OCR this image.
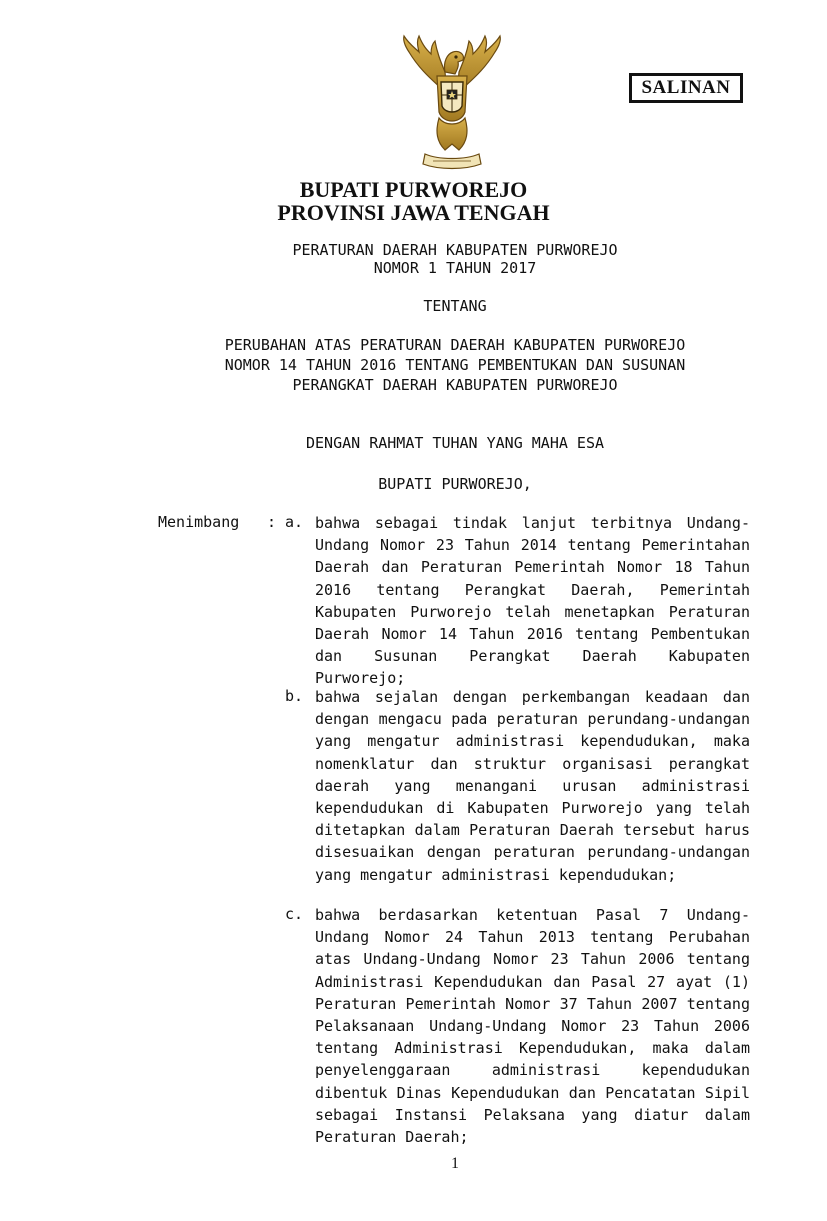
SALINAN
BUPATI PURWOREJO
PROVINSI JAWA TENGAH
PERATURAN DAERAH KABUPATEN PURWOREJO
NOMOR 1 TAHUN 2017
TENTANG
PERUBAHAN ATAS PERATURAN DAERAH KABUPATEN PURWOREJO
NOMOR 14 TAHUN 2016 TENTANG PEMBENTUKAN DAN SUSUNAN
PERANGKAT DAERAH KABUPATEN PURWOREJO
DENGAN RAHMAT TUHAN YANG MAHA ESA
BUPATI PURWOREJO,
Menimbang : a. bahwa sebagai tindak lanjut terbitnya Undang-Undang Nomor 23 Tahun 2014 tentang Pemerintahan Daerah dan Peraturan Pemerintah Nomor 18 Tahun 2016 tentang Perangkat Daerah, Pemerintah Kabupaten Purworejo telah menetapkan Peraturan Daerah Nomor 14 Tahun 2016 tentang Pembentukan dan Susunan Perangkat Daerah Kabupaten Purworejo;

b. bahwa sejalan dengan perkembangan keadaan dan dengan mengacu pada peraturan perundang-undangan yang mengatur administrasi kependudukan, maka nomenklatur dan struktur organisasi perangkat daerah yang menangani urusan administrasi kependudukan di Kabupaten Purworejo yang telah ditetapkan dalam Peraturan Daerah tersebut harus disesuaikan dengan peraturan perundang-undangan yang mengatur administrasi kependudukan;

c. bahwa berdasarkan ketentuan Pasal 7 Undang-Undang Nomor 24 Tahun 2013 tentang Perubahan atas Undang-Undang Nomor 23 Tahun 2006 tentang Administrasi Kependudukan dan Pasal 27 ayat (1) Peraturan Pemerintah Nomor 37 Tahun 2007 tentang Pelaksanaan Undang-Undang Nomor 23 Tahun 2006 tentang Administrasi Kependudukan, maka dalam penyelenggaraan administrasi kependudukan dibentuk Dinas Kependudukan dan Pencatatan Sipil sebagai Instansi Pelaksana yang diatur dalam Peraturan Daerah;

1
